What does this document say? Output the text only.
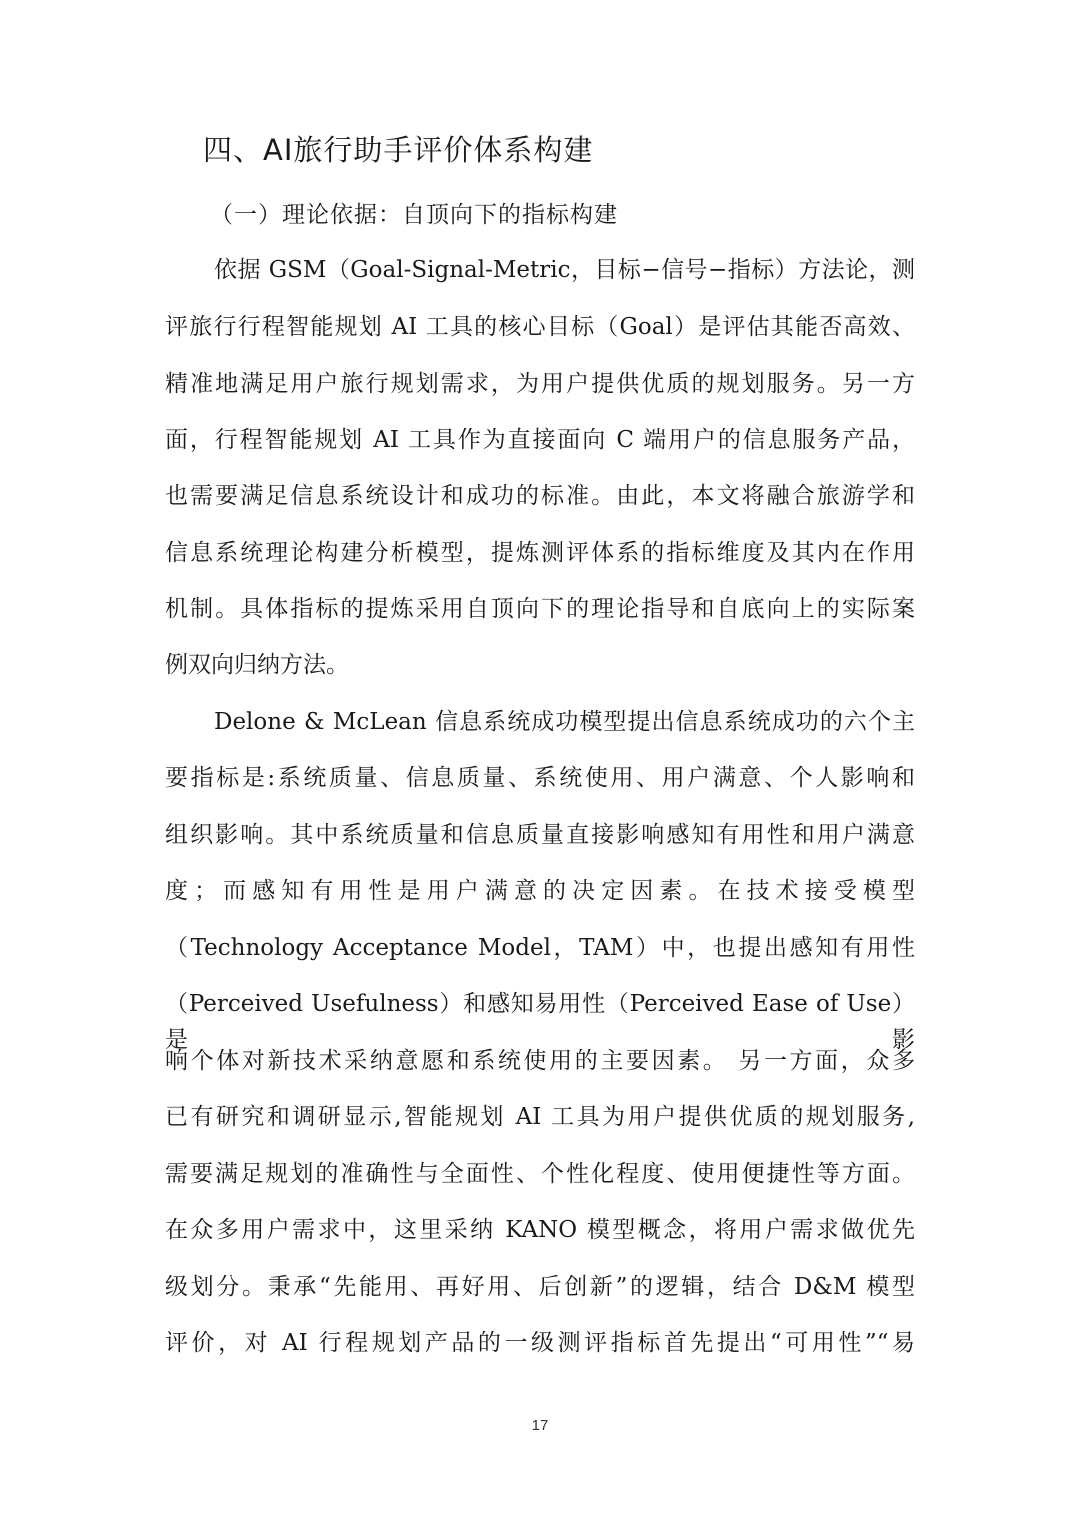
四、AI旅行助手评价体系构建
（一）理论依据：自顶向下的指标构建
依据 GSM（Goal-Signal-Metric，目标−信号−指标）方法论，测
评旅行行程智能规划 AI 工具的核心目标（Goal）是评估其能否高效、
精准地满足用户旅行规划需求，为用户提供优质的规划服务。另一方
面，行程智能规划 AI 工具作为直接面向 C 端用户的信息服务产品，
也需要满足信息系统设计和成功的标准。由此，本文将融合旅游学和
信息系统理论构建分析模型，提炼测评体系的指标维度及其内在作用
机制。具体指标的提炼采用自顶向下的理论指导和自底向上的实际案
例双向归纳方法。
Delone & McLean 信息系统成功模型提出信息系统成功的六个主
要指标是:系统质量、信息质量、系统使用、用户满意、个人影响和
组织影响。其中系统质量和信息质量直接影响感知有用性和用户满意
度；而感知有用性是用户满意的决定因素。在技术接受模型
（Technology Acceptance Model，TAM）中，也提出感知有用性
（Perceived Usefulness）和感知易用性（Perceived Ease of Use）是影
响个体对新技术采纳意愿和系统使用的主要因素。 另一方面，众多
已有研究和调研显示,智能规划 AI 工具为用户提供优质的规划服务,
需要满足规划的准确性与全面性、个性化程度、使用便捷性等方面。
在众多用户需求中，这里采纳 KANO 模型概念，将用户需求做优先
级划分。秉承“先能用、再好用、后创新”的逻辑，结合 D&M 模型
评价，对 AI 行程规划产品的一级测评指标首先提出“可用性”“易
17
